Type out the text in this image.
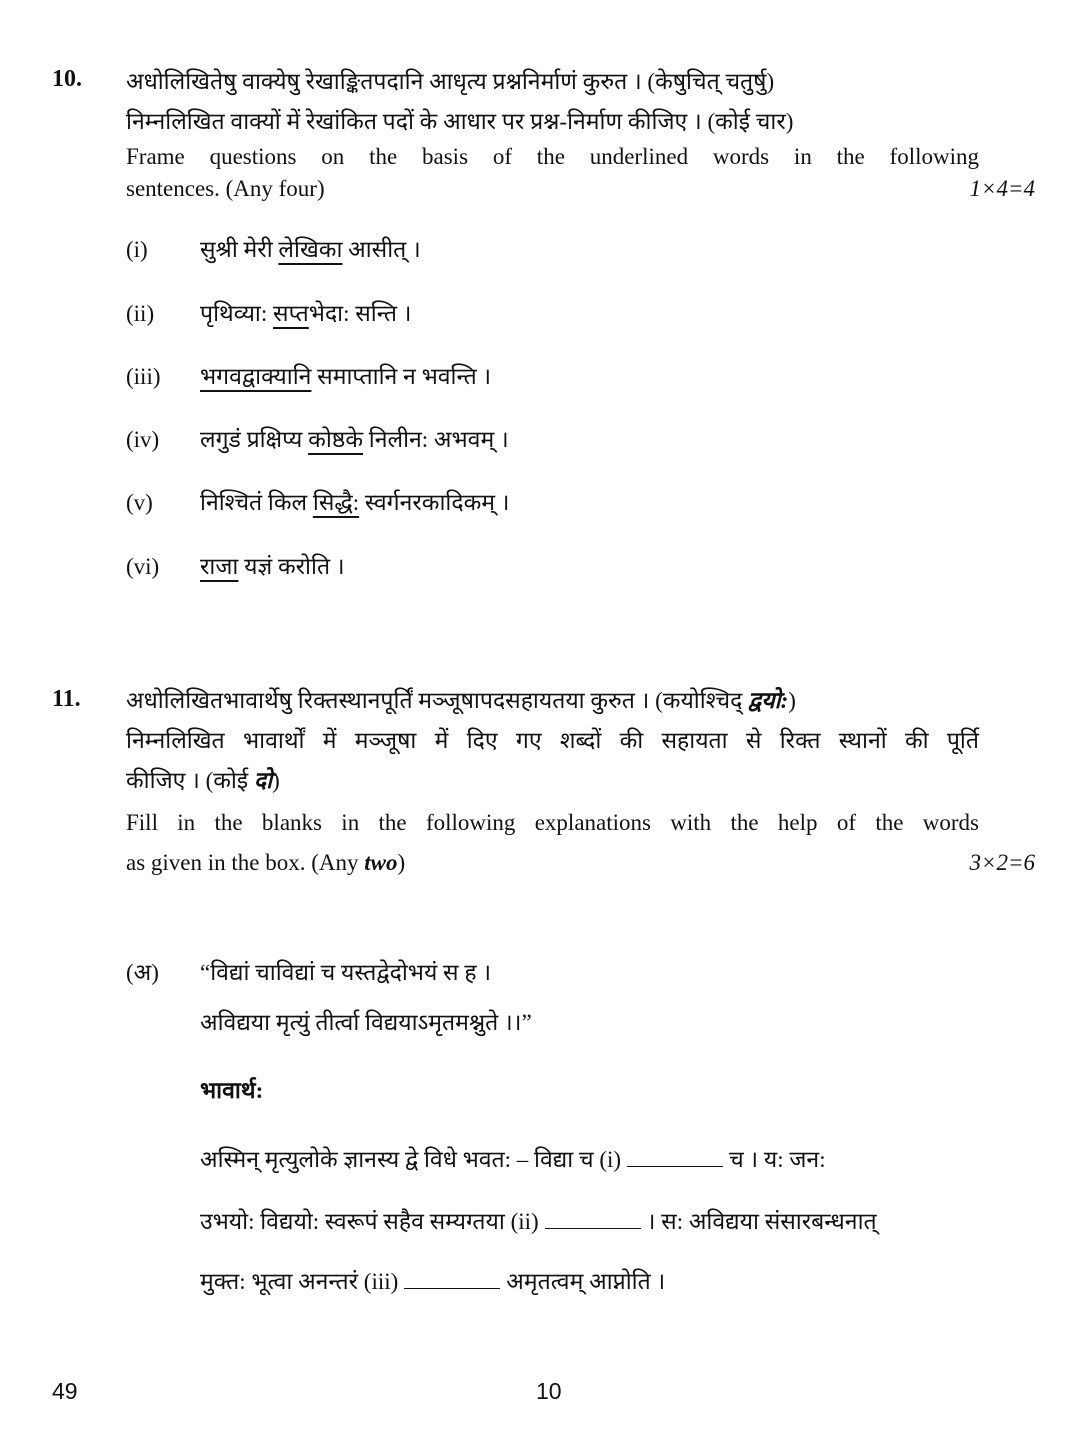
10. अधोलिखितेषु वाक्येषु रेखाङ्कितपदानि आधृत्य प्रश्ननिर्माणं कुरुत । (केषुचित् चतुर्षु)
निम्नलिखित वाक्यों में रेखांकित पदों के आधार पर प्रश्न-निर्माण कीजिए । (कोई चार)
Frame questions on the basis of the underlined words in the following
sentences. (Any four)	1×4=4
(i) सुश्री मेरी लेखिका आसीत् ।
(ii) पृथिव्या: सप्तभेदा: सन्ति ।
(iii) भगवद्वाक्यानि समाप्तानि न भवन्ति ।
(iv) लगुडं प्रक्षिप्य कोष्ठके निलीन: अभवम् ।
(v) निश्चितं किल सिद्धै: स्वर्गनरकादिकम् ।
(vi) राजा यज्ञं करोति ।
11. अधोलिखितभावार्थेषु रिक्तस्थानपूर्तिं मञ्जूषापदसहायतया कुरुत । (कयोश्चिद् द्वयो:)
निम्नलिखित भावार्थों में मञ्जूषा में दिए गए शब्दों की सहायता से रिक्त स्थानों की पूर्ति
कीजिए । (कोई दो)
Fill in the blanks in the following explanations with the help of the words
as given in the box. (Any two)	3×2=6
(अ) “विद्यां चाविद्यां च यस्तद्वेदोभयं स ह ।
अविद्यया मृत्युं तीर्त्वा विद्ययाऽमृतमश्नुते ।।”
भावार्थ:
अस्मिन् मृत्युलोके ज्ञानस्य द्वे विधे भवत: – विद्या च (i)	च । य: जन:
उभयो: विद्ययो: स्वरूपं सहैव सम्यग्तया (ii)	। स: अविद्यया संसारबन्धनात्
मुक्त: भूत्वा अनन्तरं (iii)	अमृतत्वम् आप्नोति ।
49	10
